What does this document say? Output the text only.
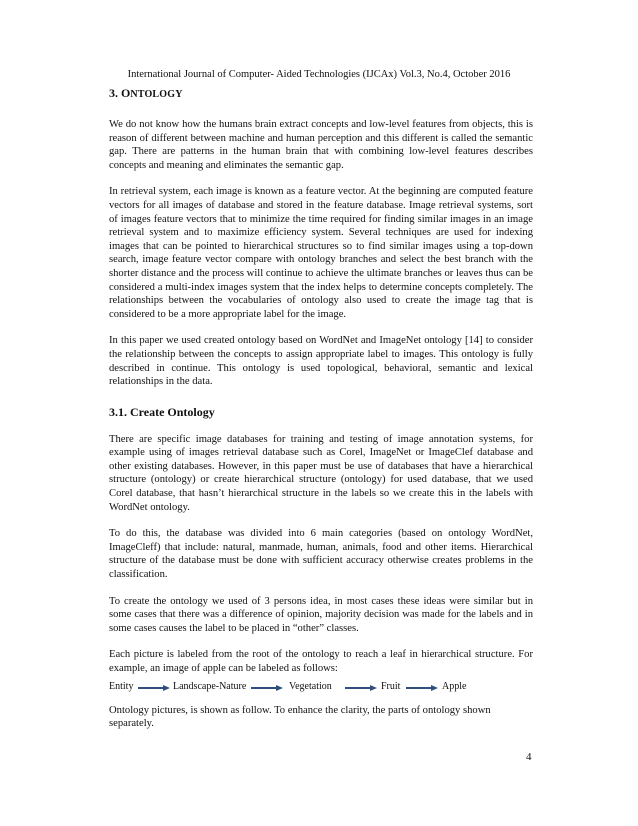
International Journal of Computer- Aided Technologies (IJCAx) Vol.3, No.4, October 2016
3. ONTOLOGY

We do not know how the humans brain extract concepts and low-level features from objects, this is reason of different between machine and human perception and this different is called the semantic gap. There are patterns in the human brain that with combining low-level features describes concepts and meaning and eliminates the semantic gap.

In retrieval system, each image is known as a feature vector. At the beginning are computed feature vectors for all images of database and stored in the feature database. Image retrieval systems, sort of images feature vectors that to minimize the time required for finding similar images in an image retrieval system and to maximize efficiency system. Several techniques are used for indexing images that can be pointed to hierarchical structures so to find similar images using a top-down search, image feature vector compare with ontology branches and select the best branch with the shorter distance and the process will continue to achieve the ultimate branches or leaves thus can be considered a multi-index images system that the index helps to determine concepts completely. The relationships between the vocabularies of ontology also used to create the image tag that is considered to be a more appropriate label for the image.

In this paper we used created ontology based on WordNet and ImageNet ontology [14] to consider the relationship between the concepts to assign appropriate label to images. This ontology is fully described in continue. This ontology is used topological, behavioral, semantic and lexical relationships in the data.

3.1. Create Ontology

There are specific image databases for training and testing of image annotation systems, for example using of images retrieval database such as Corel, ImageNet or ImageClef database and other existing databases. However, in this paper must be use of databases that have a hierarchical structure (ontology) or create hierarchical structure (ontology) for used database, that we used Corel database, that hasn’t hierarchical structure in the labels so we create this in the labels with WordNet ontology.

To do this, the database was divided into 6 main categories (based on ontology WordNet, ImageCleff) that include: natural, manmade, human, animals, food and other items. Hierarchical structure of the database must be done with sufficient accuracy otherwise creates problems in the classification.

To create the ontology we used of 3 persons idea, in most cases these ideas were similar but in some cases that there was a difference of opinion, majority decision was made for the labels and in some cases causes the label to be placed in “other” classes.

Each picture is labeled from the root of the ontology to reach a leaf in hierarchical structure. For example, an image of apple can be labeled as follows:

Entity	Landscape-Nature	Vegetation	Fruit	Apple

Ontology pictures, is shown as follow. To enhance the clarity, the parts of ontology shown separately.

4
